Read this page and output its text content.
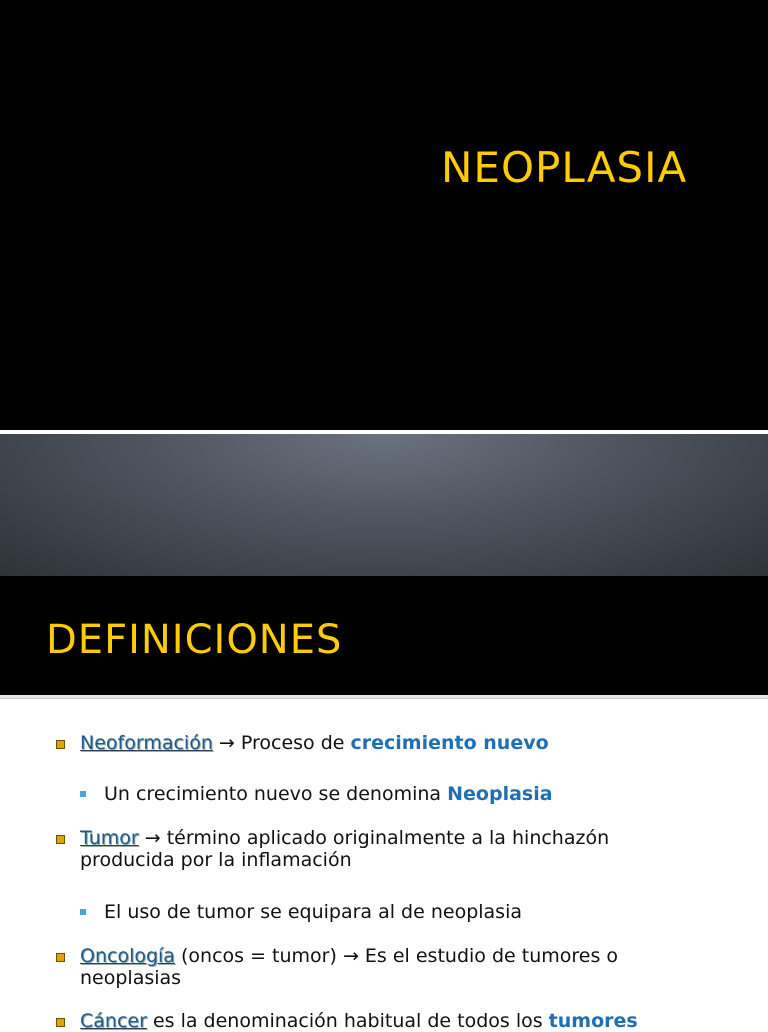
NEOPLASIA
DEFINICIONES
Neoformación → Proceso de crecimiento nuevo
Un crecimiento nuevo se denomina Neoplasia
Tumor → término aplicado originalmente a la hinchazón producida por la inflamación
El uso de tumor se equipara al de neoplasia
Oncología (oncos = tumor) → Es el estudio de tumores o neoplasias
Cáncer es la denominación habitual de todos los tumores
